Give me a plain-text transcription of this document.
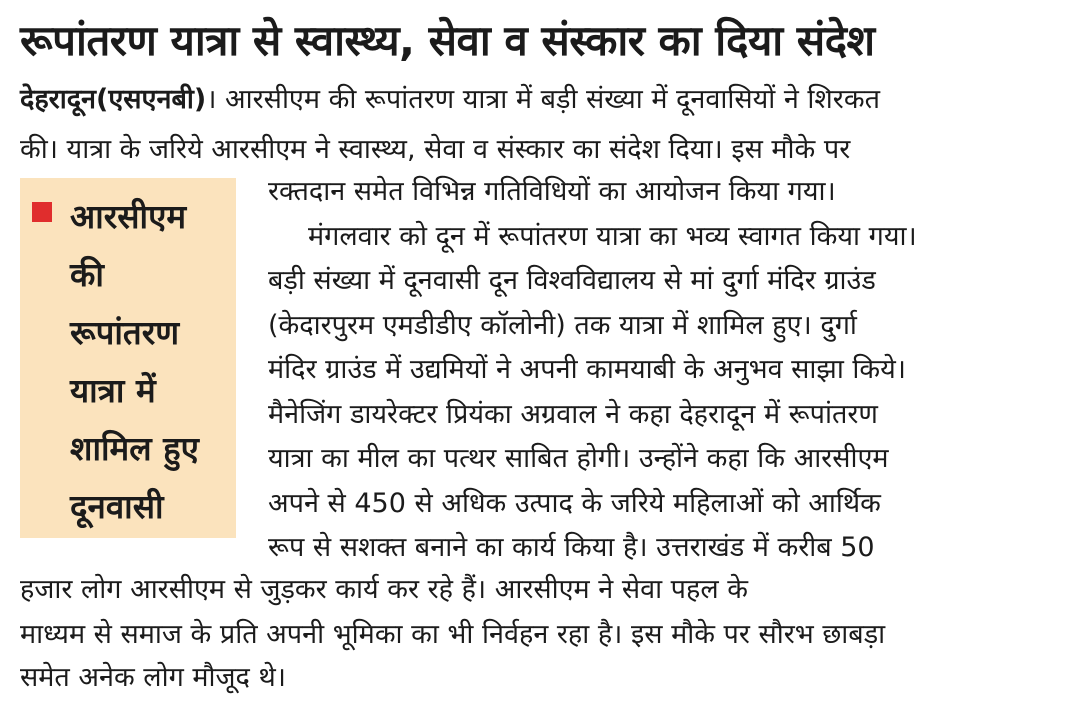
रूपांतरण यात्रा से स्वास्थ्य, सेवा व संस्कार का दिया संदेश
देहरादून(एसएनबी)। आरसीएम की रूपांतरण यात्रा में बड़ी संख्या में दूनवासियों ने शिरकत
की। यात्रा के जरिये आरसीएम ने स्वास्थ्य, सेवा व संस्कार का संदेश दिया। इस मौके पर
रक्तदान समेत विभिन्न गतिविधियों का आयोजन किया गया।
मंगलवार को दून में रूपांतरण यात्रा का भव्य स्वागत किया गया।
बड़ी संख्या में दूनवासी दून विश्वविद्यालय से मां दुर्गा मंदिर ग्राउंड
(केदारपुरम एमडीडीए कॉलोनी) तक यात्रा में शामिल हुए। दुर्गा
मंदिर ग्राउंड में उद्यमियों ने अपनी कामयाबी के अनुभव साझा किये।
मैनेजिंग डायरेक्टर प्रियंका अग्रवाल ने कहा देहरादून में रूपांतरण
यात्रा का मील का पत्थर साबित होगी। उन्होंने कहा कि आरसीएम
अपने से 450 से अधिक उत्पाद के जरिये महिलाओं को आर्थिक
रूप से सशक्त बनाने का कार्य किया है। उत्तराखंड में करीब 50
हजार लोग आरसीएम से जुड़कर कार्य कर रहे हैं। आरसीएम ने सेवा पहल के
माध्यम से समाज के प्रति अपनी भूमिका का भी निर्वहन रहा है। इस मौके पर सौरभ छाबड़ा
समेत अनेक लोग मौजूद थे।
आरसीएम
की
रूपांतरण
यात्रा में
शामिल हुए
दूनवासी
